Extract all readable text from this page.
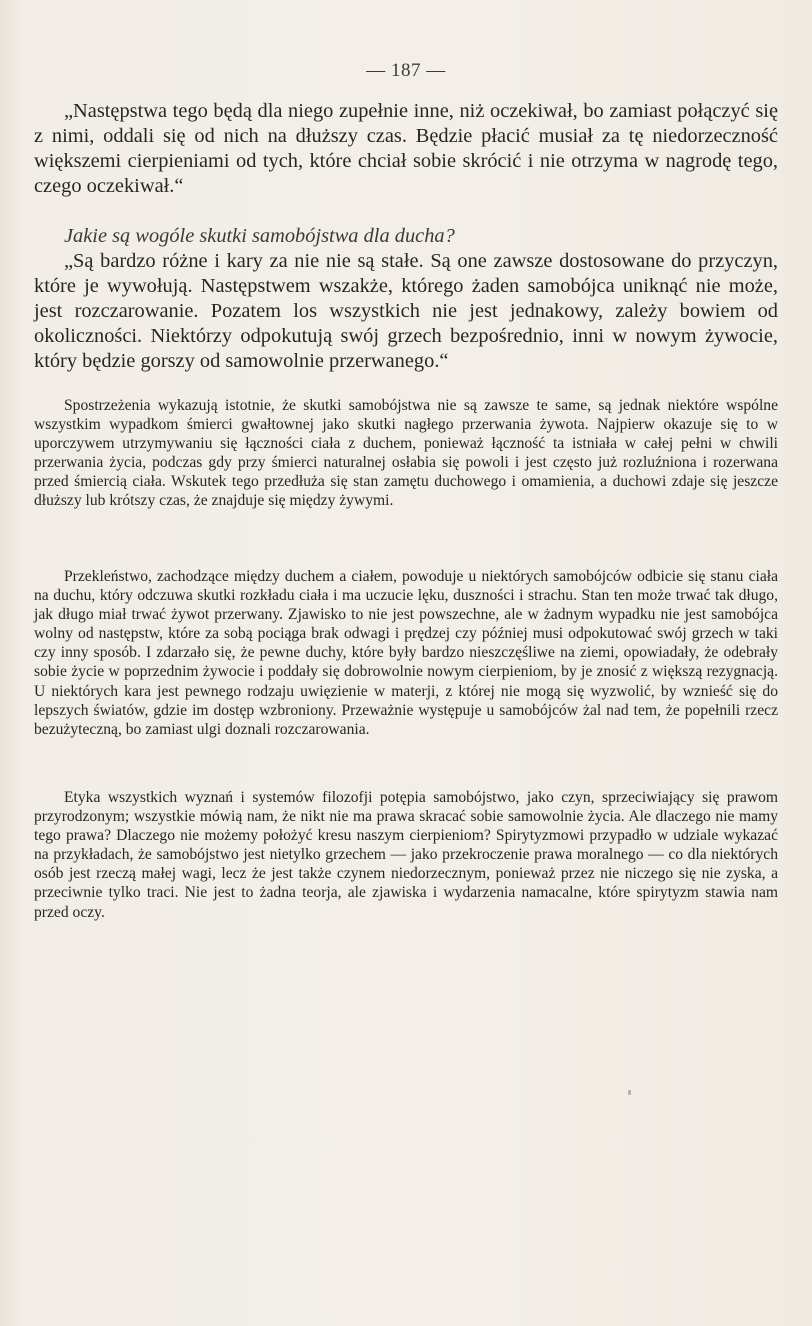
— 187 —

„Następstwa tego będą dla niego zupełnie inne, niż oczekiwał, bo zamiast połączyć się z nimi, oddali się od nich na dłuższy czas. Będzie płacić musiał za tę niedorzeczność większemi cierpieniami od tych, które chciał sobie skrócić i nie otrzyma w nagrodę tego, czego oczekiwał.“

Jakie są wogóle skutki samobójstwa dla ducha?

„Są bardzo różne i kary za nie nie są stałe. Są one zawsze dostosowane do przyczyn, które je wywołują. Następstwem wszakże, którego żaden samobójca uniknąć nie może, jest rozczarowanie. Pozatem los wszystkich nie jest jednakowy, zależy bowiem od okoliczności. Niektórzy odpokutują swój grzech bezpośrednio, inni w nowym żywocie, który będzie gorszy od samowolnie przerwanego.“

Spostrzeżenia wykazują istotnie, że skutki samobójstwa nie są zawsze te same, są jednak niektóre wspólne wszystkim wypadkom śmierci gwałtownej jako skutki nagłego przerwania żywota. Najpierw okazuje się to w uporczywem utrzymywaniu się łączności ciała z duchem, ponieważ łączność ta istniała w całej pełni w chwili przerwania życia, podczas gdy przy śmierci naturalnej osłabia się powoli i jest często już rozluźniona i rozerwana przed śmiercią ciała. Wskutek tego przedłuża się stan zamętu duchowego i omamienia, a duchowi zdaje się jeszcze dłuższy lub krótszy czas, że znajduje się między żywymi.

Przekleństwo, zachodzące między duchem a ciałem, powoduje u niektórych samobójców odbicie się stanu ciała na duchu, który odczuwa skutki rozkładu ciała i ma uczucie lęku, duszności i strachu. Stan ten może trwać tak długo, jak długo miał trwać żywot przerwany. Zjawisko to nie jest powszechne, ale w żadnym wypadku nie jest samobójca wolny od następstw, które za sobą pociąga brak odwagi i prędzej czy później musi odpokutować swój grzech w taki czy inny sposób. I zdarzało się, że pewne duchy, które były bardzo nieszczęśliwe na ziemi, opowiadały, że odebrały sobie życie w poprzednim żywocie i poddały się dobrowolnie nowym cierpieniom, by je znosić z większą rezygnacją. U niektórych kara jest pewnego rodzaju uwięzienie w materji, z której nie mogą się wyzwolić, by wznieść się do lepszych światów, gdzie im dostęp wzbroniony. Przeważnie występuje u samobójców żal nad tem, że popełnili rzecz bezużyteczną, bo zamiast ulgi doznali rozczarowania.

Etyka wszystkich wyznań i systemów filozofji potępia samobójstwo, jako czyn, sprzeciwiający się prawom przyrodzonym; wszystkie mówią nam, że nikt nie ma prawa skracać sobie samowolnie życia. Ale dlaczego nie mamy tego prawa? Dlaczego nie możemy położyć kresu naszym cierpieniom? Spirytyzmowi przypadło w udziale wykazać na przykładach, że samobójstwo jest nietylko grzechem — jako przekroczenie prawa moralnego — co dla niektórych osób jest rzeczą małej wagi, lecz że jest także czynem niedorzecznym, ponieważ przez nie niczego się nie zyska, a przeciwnie tylko traci. Nie jest to żadna teorja, ale zjawiska i wydarzenia namacalne, które spirytyzm stawia nam przed oczy.
